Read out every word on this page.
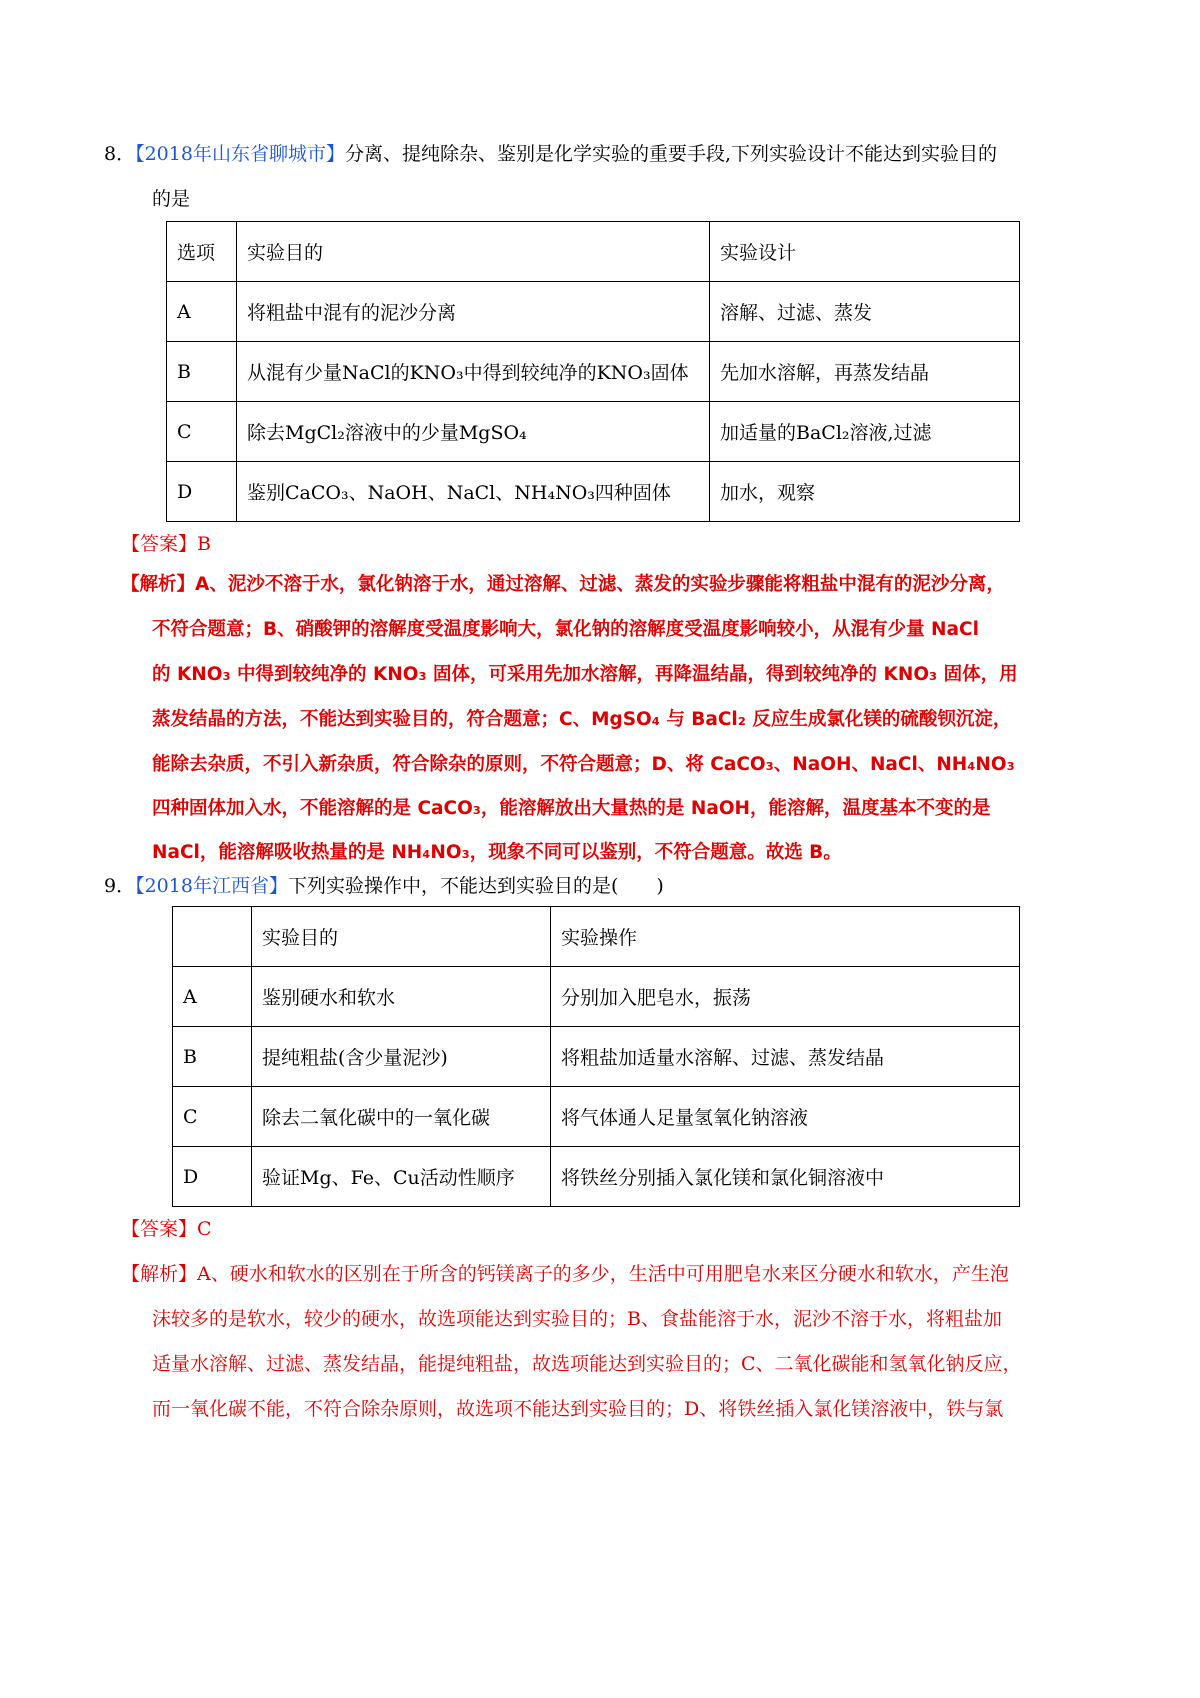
8．【2018年山东省聊城市】分离、提纯除杂、鉴别是化学实验的重要手段,下列实验设计不能达到实验目的
的是
选项	实验目的	实验设计
A	将粗盐中混有的泥沙分离	溶解、过滤、蒸发
B	从混有少量NaCl的KNO₃中得到较纯净的KNO₃固体	先加水溶解，再蒸发结晶
C	除去MgCl₂溶液中的少量MgSO₄	加适量的BaCl₂溶液,过滤
D	鉴别CaCO₃、NaOH、NaCl、NH₄NO₃四种固体	加水，观察
【答案】B
【解析】A、泥沙不溶于水，氯化钠溶于水，通过溶解、过滤、蒸发的实验步骤能将粗盐中混有的泥沙分离，
不符合题意；B、硝酸钾的溶解度受温度影响大，氯化钠的溶解度受温度影响较小，从混有少量 NaCl
的 KNO₃ 中得到较纯净的 KNO₃ 固体，可采用先加水溶解，再降温结晶，得到较纯净的 KNO₃ 固体，用
蒸发结晶的方法，不能达到实验目的，符合题意；C、MgSO₄ 与 BaCl₂ 反应生成氯化镁的硫酸钡沉淀，
能除去杂质，不引入新杂质，符合除杂的原则，不符合题意；D、将 CaCO₃、NaOH、NaCl、NH₄NO₃
四种固体加入水，不能溶解的是 CaCO₃，能溶解放出大量热的是 NaOH，能溶解，温度基本不变的是
NaCl，能溶解吸收热量的是 NH₄NO₃，现象不同可以鉴别，不符合题意。故选 B。
9．【2018年江西省】下列实验操作中，不能达到实验目的是(　　)
	实验目的	实验操作
A	鉴别硬水和软水	分别加入肥皂水，振荡
B	提纯粗盐(含少量泥沙)	将粗盐加适量水溶解、过滤、蒸发结晶
C	除去二氧化碳中的一氧化碳	将气体通人足量氢氧化钠溶液
D	验证Mg、Fe、Cu活动性顺序	将铁丝分别插入氯化镁和氯化铜溶液中
【答案】C
【解析】A、硬水和软水的区别在于所含的钙镁离子的多少，生活中可用肥皂水来区分硬水和软水，产生泡
沫较多的是软水，较少的硬水，故选项能达到实验目的；B、食盐能溶于水，泥沙不溶于水，将粗盐加
适量水溶解、过滤、蒸发结晶，能提纯粗盐，故选项能达到实验目的；C、二氧化碳能和氢氧化钠反应，
而一氧化碳不能，不符合除杂原则，故选项不能达到实验目的；D、将铁丝插入氯化镁溶液中，铁与氯
